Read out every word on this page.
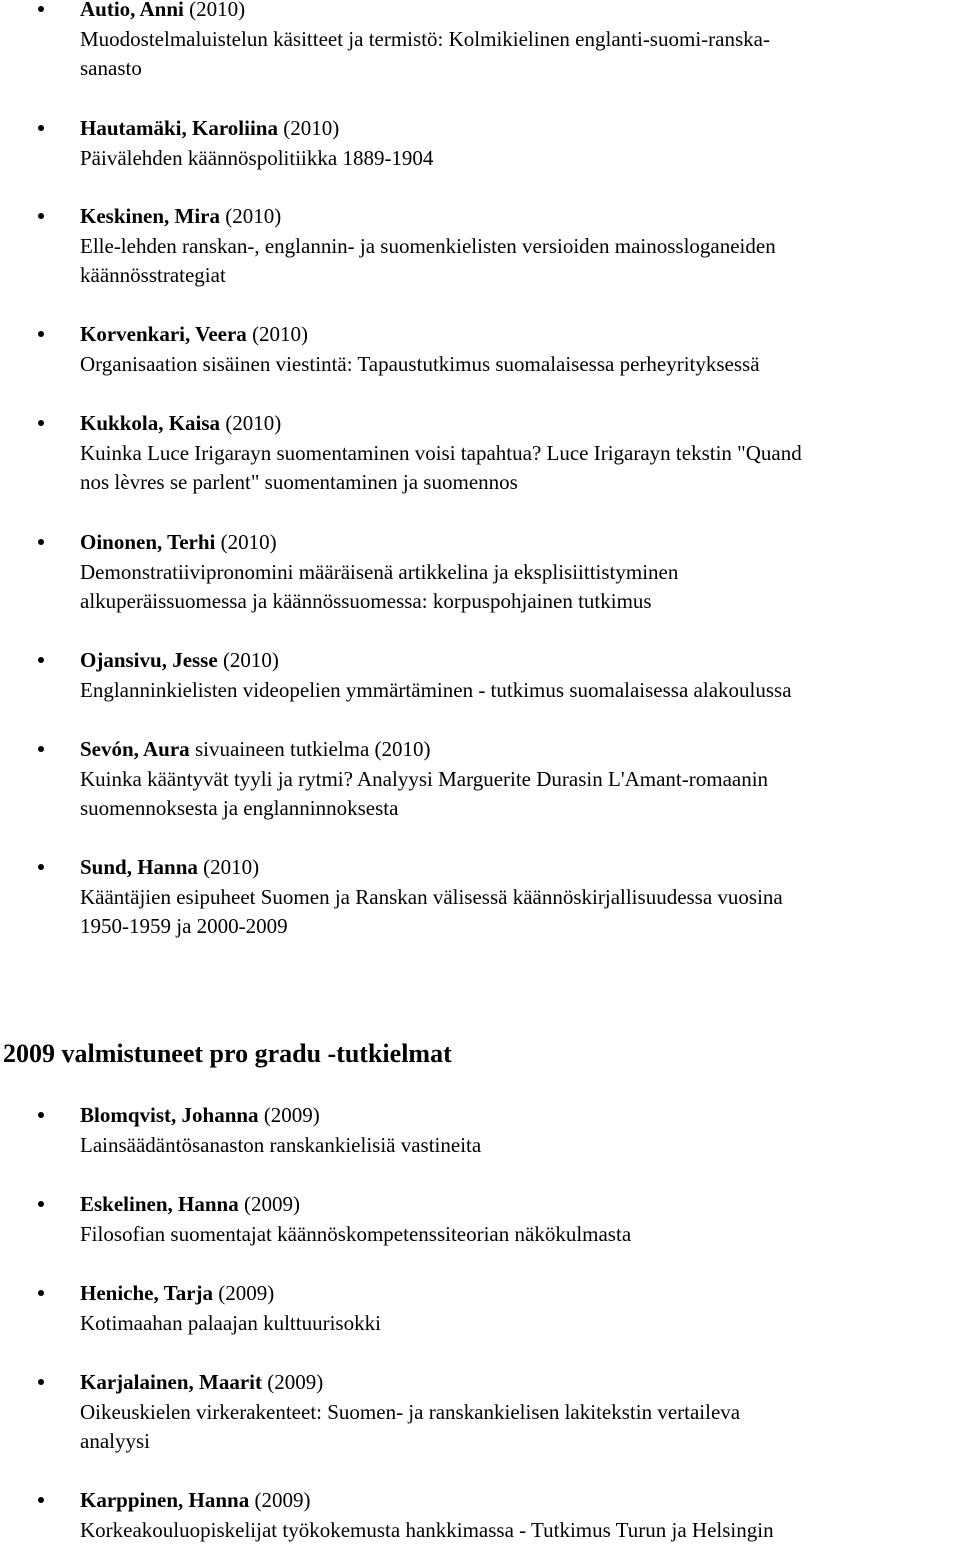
Autio, Anni (2010)
Muodostelmaluistelun käsitteet ja termistö: Kolmikielinen englanti-suomi-ranska-
sanasto
Hautamäki, Karoliina (2010)
Päivälehden käännöspolitiikka 1889-1904
Keskinen, Mira (2010)
Elle-lehden ranskan-, englannin- ja suomenkielisten versioiden mainossloganeiden
käännösstrategiat
Korvenkari, Veera (2010)
Organisaation sisäinen viestintä: Tapaustutkimus suomalaisessa perheyrityksessä
Kukkola, Kaisa (2010)
Kuinka Luce Irigarayn suomentaminen voisi tapahtua? Luce Irigarayn tekstin "Quand
nos lèvres se parlent" suomentaminen ja suomennos
Oinonen, Terhi (2010)
Demonstratiivipronomini määräisenä artikkelina ja eksplisiittistyminen
alkuperäissuomessa ja käännössuomessa: korpuspohjainen tutkimus
Ojansivu, Jesse (2010)
Englanninkielisten videopelien ymmärtäminen - tutkimus suomalaisessa alakoulussa
Sevón, Aura sivuaineen tutkielma (2010)
Kuinka kääntyvät tyyli ja rytmi? Analyysi Marguerite Durasin L'Amant-romaanin
suomennoksesta ja englanninnoksesta
Sund, Hanna (2010)
Kääntäjien esipuheet Suomen ja Ranskan välisessä käännöskirjallisuudessa vuosina
1950-1959 ja 2000-2009
2009 valmistuneet pro gradu -tutkielmat
Blomqvist, Johanna (2009)
Lainsäädäntösanaston ranskankielisiä vastineita
Eskelinen, Hanna (2009)
Filosofian suomentajat käännöskompetenssiteorian näkökulmasta
Heniche, Tarja (2009)
Kotimaahan palaajan kulttuurisokki
Karjalainen, Maarit (2009)
Oikeuskielen virkerakenteet: Suomen- ja ranskankielisen lakitekstin vertaileva
analyysi
Karppinen, Hanna (2009)
Korkeakouluopiskelijat työkokemusta hankkimassa - Tutkimus Turun ja Helsingin
